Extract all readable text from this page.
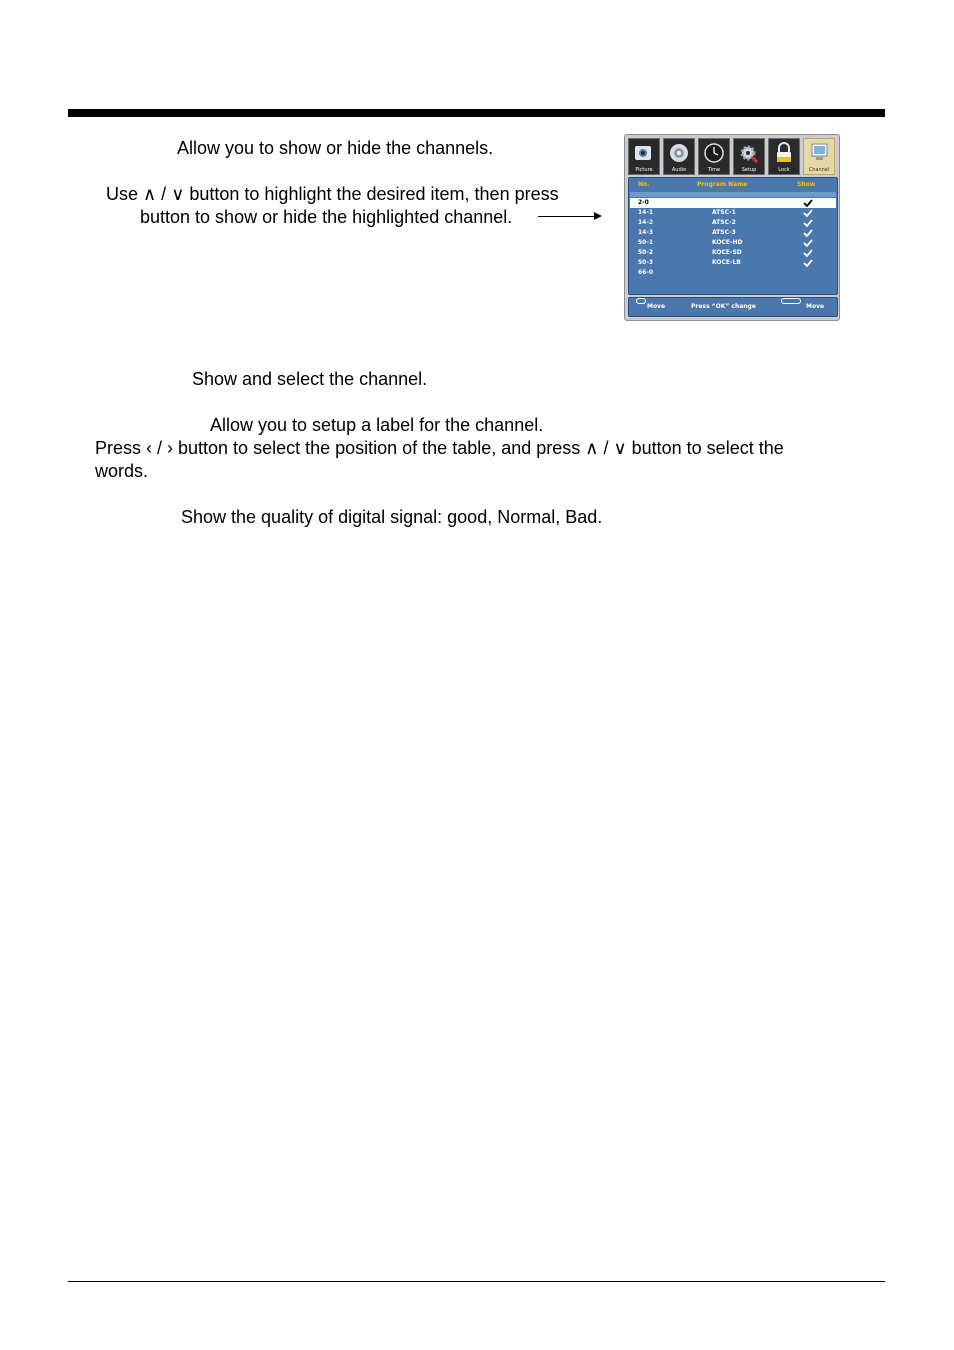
Allow you to show or hide the channels.
Use ∧ / ∨ button to highlight the desired item, then press
button to show or hide the highlighted channel.
Show and select the channel.
Allow you to setup a label for the channel.
Press ‹ / › button to select the position of the table, and press ∧ / ∨ button to select the
words.
Show the quality of digital signal: good, Normal, Bad.
Picture	Audio	Time	Setup	Lock	Channel
No.	Program Name	Show
2-0
14-1	ATSC-1
14-2	ATSC-2
14-3	ATSC-3
50-1	KOCE-HD
50-2	KOCE-SD
50-3	KOCE-LB
66-0
Move	Press “OK” change	Move
